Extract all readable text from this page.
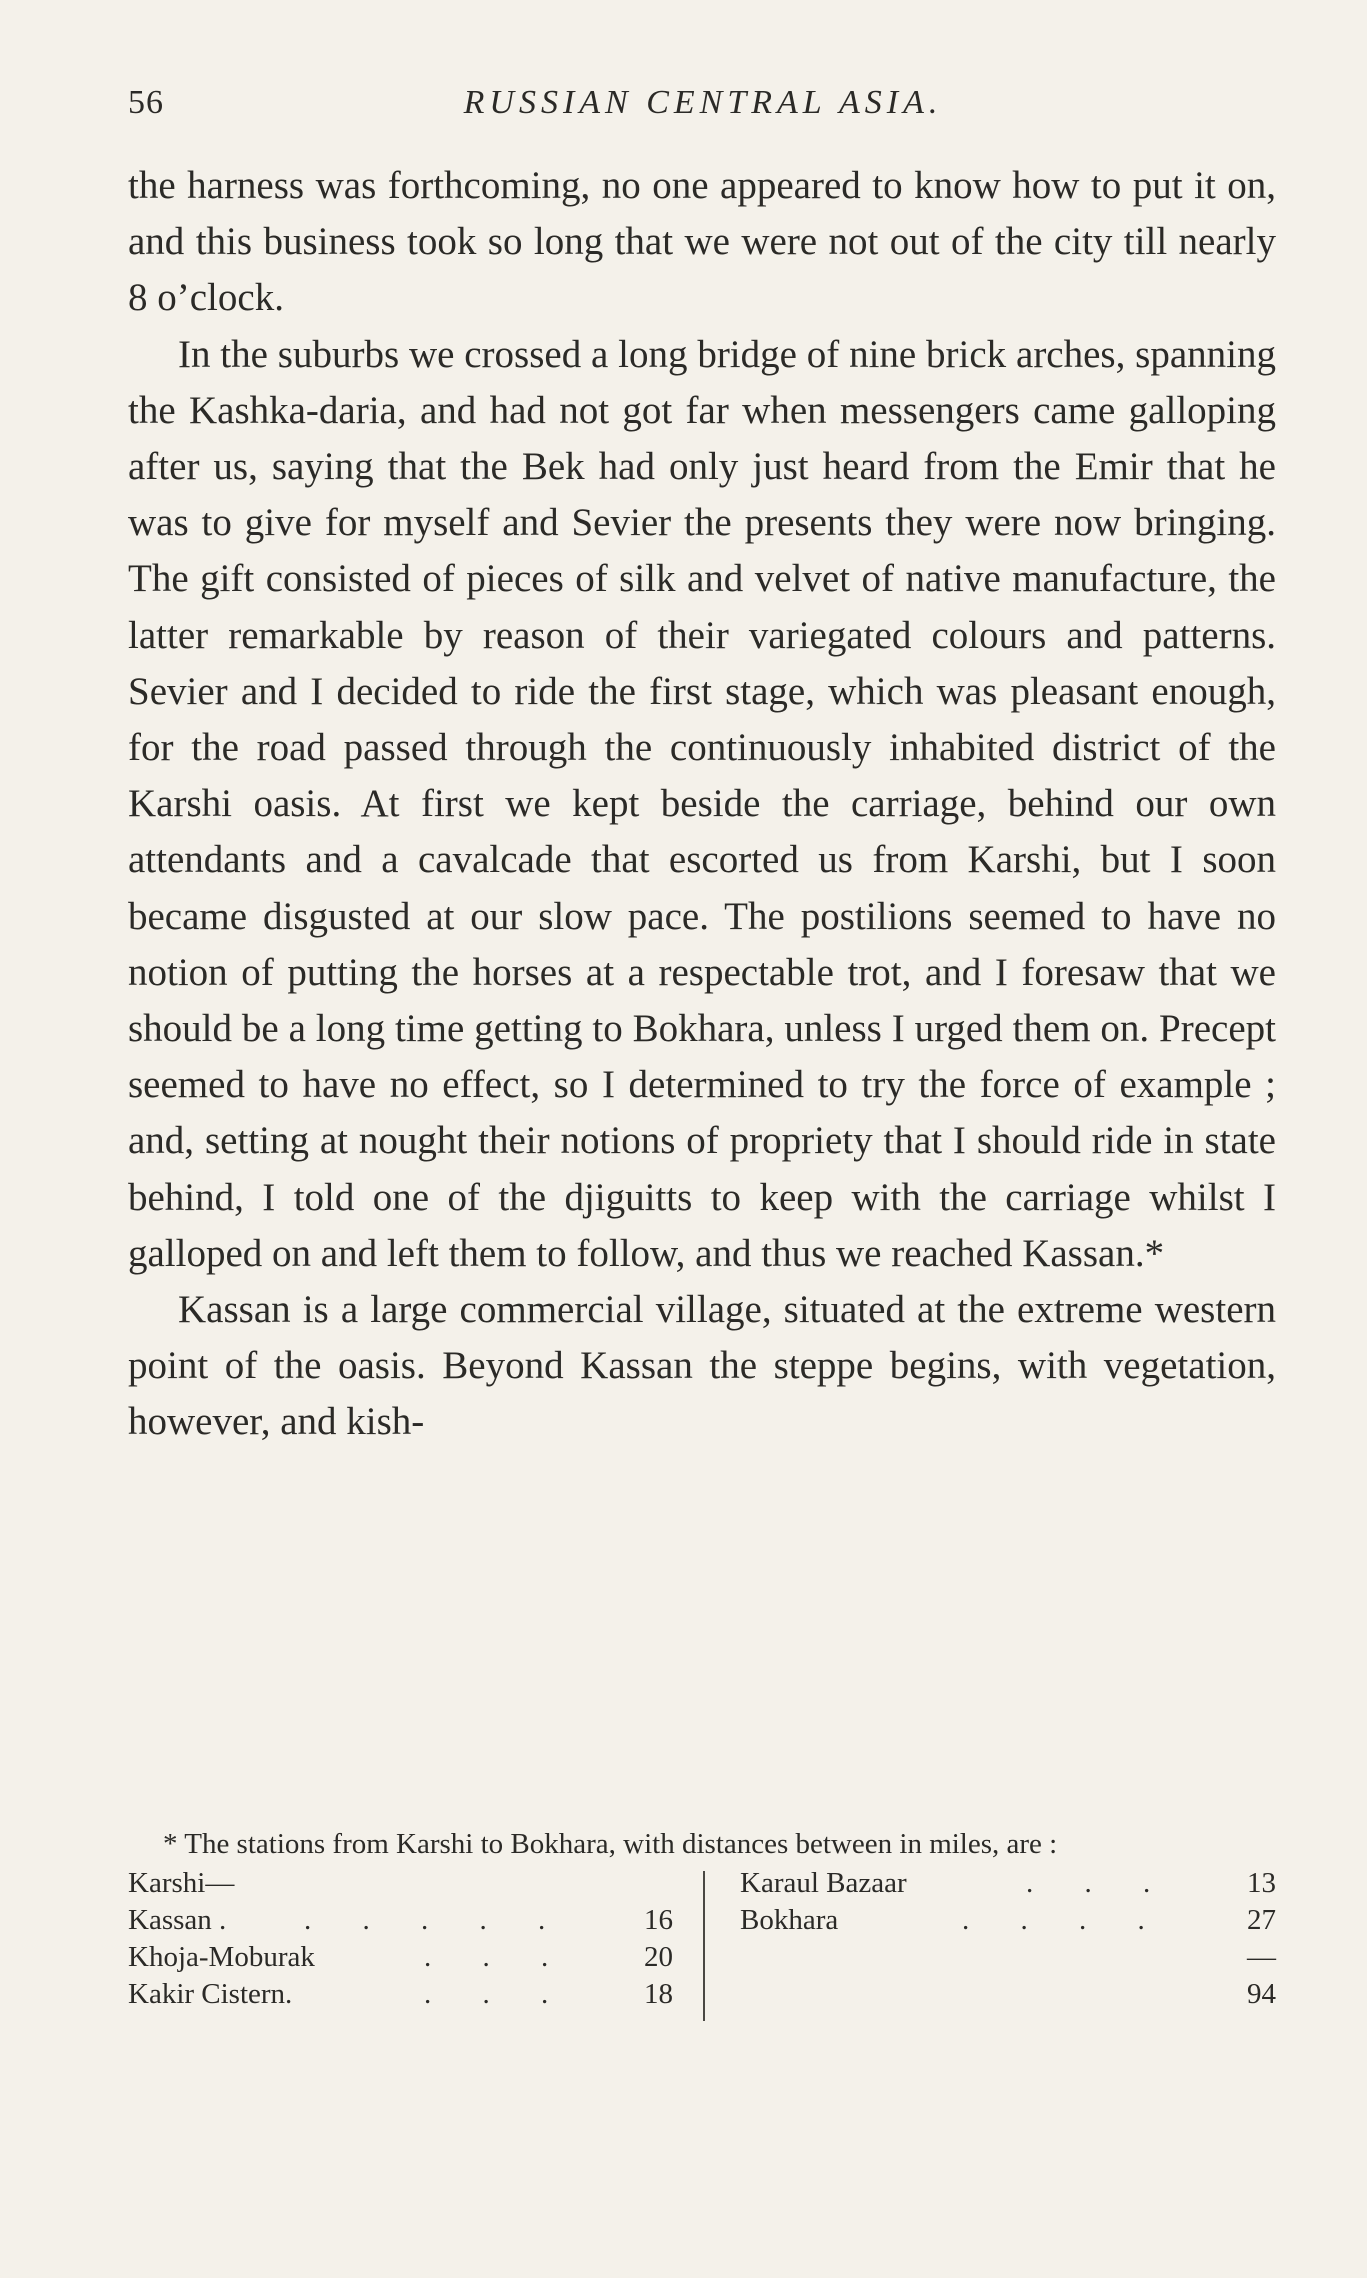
56	RUSSIAN CENTRAL ASIA.

the harness was forthcoming, no one appeared to know how to put it on, and this business took so long that we were not out of the city till nearly 8 o’clock.

In the suburbs we crossed a long bridge of nine brick arches, spanning the Kashka-daria, and had not got far when messengers came galloping after us, saying that the Bek had only just heard from the Emir that he was to give for myself and Sevier the presents they were now bringing. The gift consisted of pieces of silk and velvet of native manufacture, the latter remarkable by reason of their variegated colours and patterns. Sevier and I decided to ride the first stage, which was pleasant enough, for the road passed through the continuously inhabited district of the Karshi oasis. At first we kept beside the carriage, behind our own attendants and a cavalcade that escorted us from Karshi, but I soon became disgusted at our slow pace. The postilions seemed to have no notion of putting the horses at a respectable trot, and I foresaw that we should be a long time getting to Bokhara, unless I urged them on. Precept seemed to have no effect, so I determined to try the force of example ; and, setting at nought their notions of propriety that I should ride in state behind, I told one of the djiguitts to keep with the carriage whilst I galloped on and left them to follow, and thus we reached Kassan.*

Kassan is a large commercial village, situated at the extreme western point of the oasis. Beyond Kassan the steppe begins, with vegetation, however, and kish-

* The stations from Karshi to Bokhara, with distances between in miles, are :
Karshi—
Kassan .	. . . . .	16
Khoja-Moburak	. . .	20
Kakir Cistern.	. . .	18
Karaul Bazaar	. . .	13
Bokhara	. . . .	27
—
94
